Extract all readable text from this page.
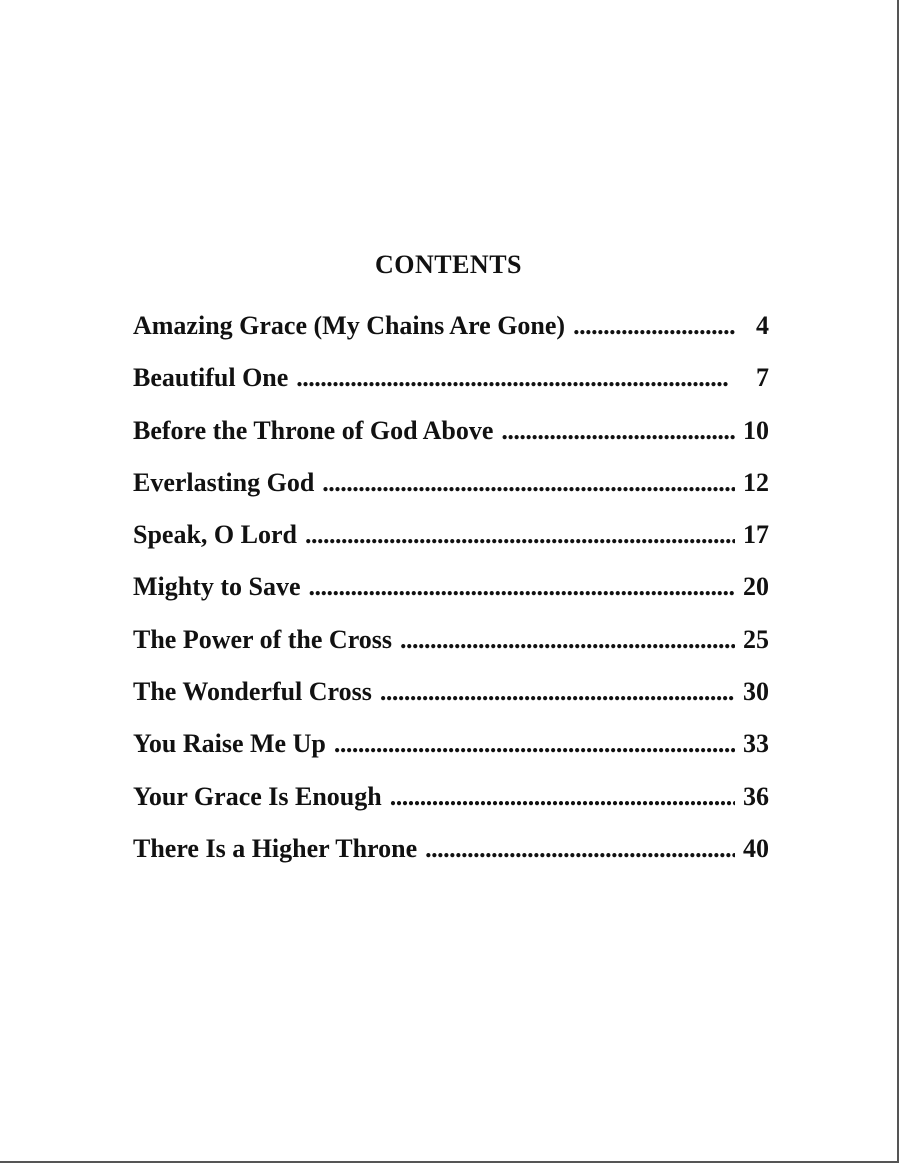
CONTENTS
Amazing Grace (My Chains Are Gone) . . .	4
Beautiful One . . .	7
Before the Throne of God Above . . .	10
Everlasting God . . .	12
Speak, O Lord . . .	17
Mighty to Save . . .	20
The Power of the Cross . . .	25
The Wonderful Cross . . .	30
You Raise Me Up . . .	33
Your Grace Is Enough . . .	36
There Is a Higher Throne . . .	40
